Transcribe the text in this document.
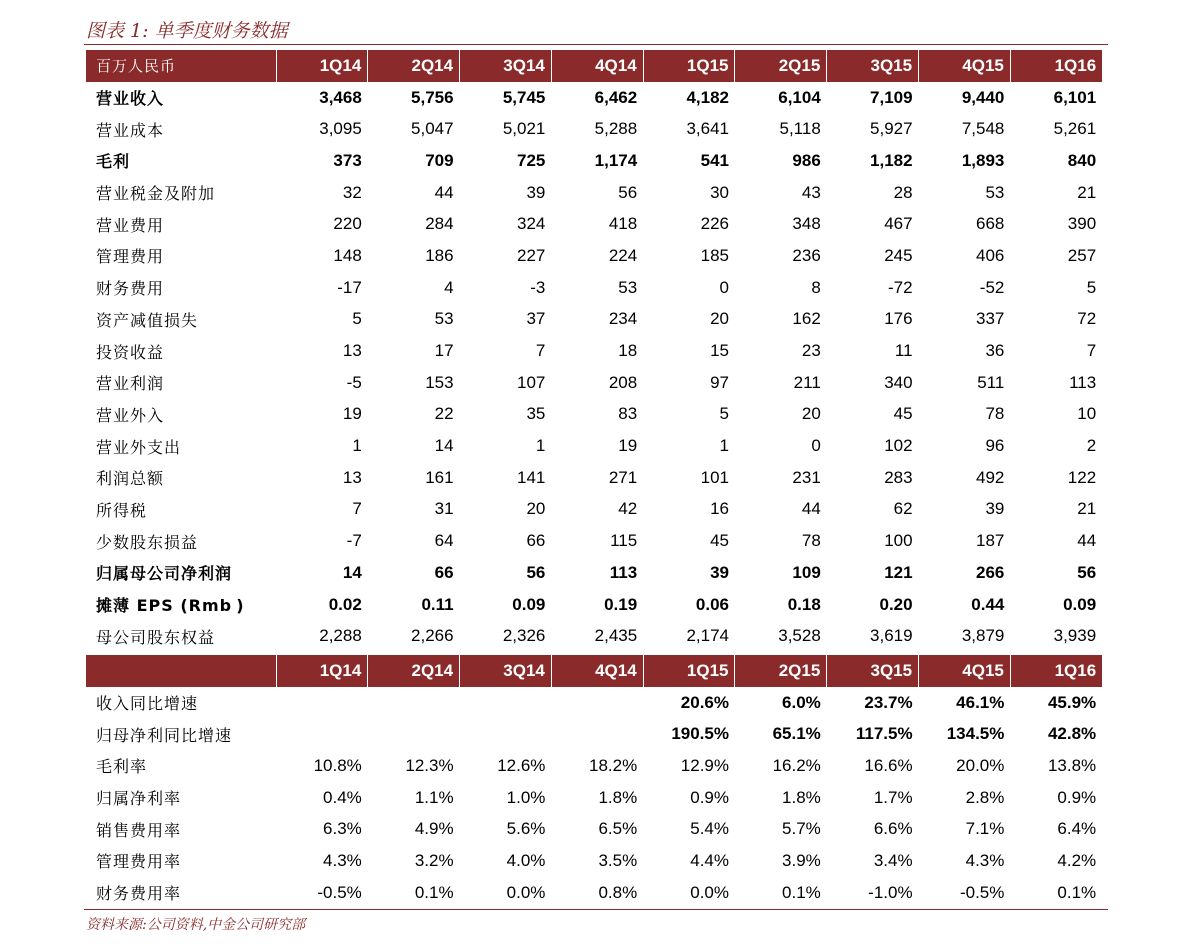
图表 1: 单季度财务数据
百万人民币	1Q14	2Q14	3Q14	4Q14	1Q15	2Q15	3Q15	4Q15	1Q16
营业收入	3,468	5,756	5,745	6,462	4,182	6,104	7,109	9,440	6,101
营业成本	3,095	5,047	5,021	5,288	3,641	5,118	5,927	7,548	5,261
毛利	373	709	725	1,174	541	986	1,182	1,893	840
营业税金及附加	32	44	39	56	30	43	28	53	21
营业费用	220	284	324	418	226	348	467	668	390
管理费用	148	186	227	224	185	236	245	406	257
财务费用	-17	4	-3	53	0	8	-72	-52	5
资产减值损失	5	53	37	234	20	162	176	337	72
投资收益	13	17	7	18	15	23	11	36	7
营业利润	-5	153	107	208	97	211	340	511	113
营业外入	19	22	35	83	5	20	45	78	10
营业外支出	1	14	1	19	1	0	102	96	2
利润总额	13	161	141	271	101	231	283	492	122
所得税	7	31	20	42	16	44	62	39	21
少数股东损益	-7	64	66	115	45	78	100	187	44
归属母公司净利润	14	66	56	113	39	109	121	266	56
摊薄 EPS (Rmb )	0.02	0.11	0.09	0.19	0.06	0.18	0.20	0.44	0.09
母公司股东权益	2,288	2,266	2,326	2,435	2,174	3,528	3,619	3,879	3,939
	1Q14	2Q14	3Q14	4Q14	1Q15	2Q15	3Q15	4Q15	1Q16
收入同比增速					20.6%	6.0%	23.7%	46.1%	45.9%
归母净利同比增速					190.5%	65.1%	117.5%	134.5%	42.8%
毛利率	10.8%	12.3%	12.6%	18.2%	12.9%	16.2%	16.6%	20.0%	13.8%
归属净利率	0.4%	1.1%	1.0%	1.8%	0.9%	1.8%	1.7%	2.8%	0.9%
销售费用率	6.3%	4.9%	5.6%	6.5%	5.4%	5.7%	6.6%	7.1%	6.4%
管理费用率	4.3%	3.2%	4.0%	3.5%	4.4%	3.9%	3.4%	4.3%	4.2%
财务费用率	-0.5%	0.1%	0.0%	0.8%	0.0%	0.1%	-1.0%	-0.5%	0.1%
资料来源:公司资料,中金公司研究部
